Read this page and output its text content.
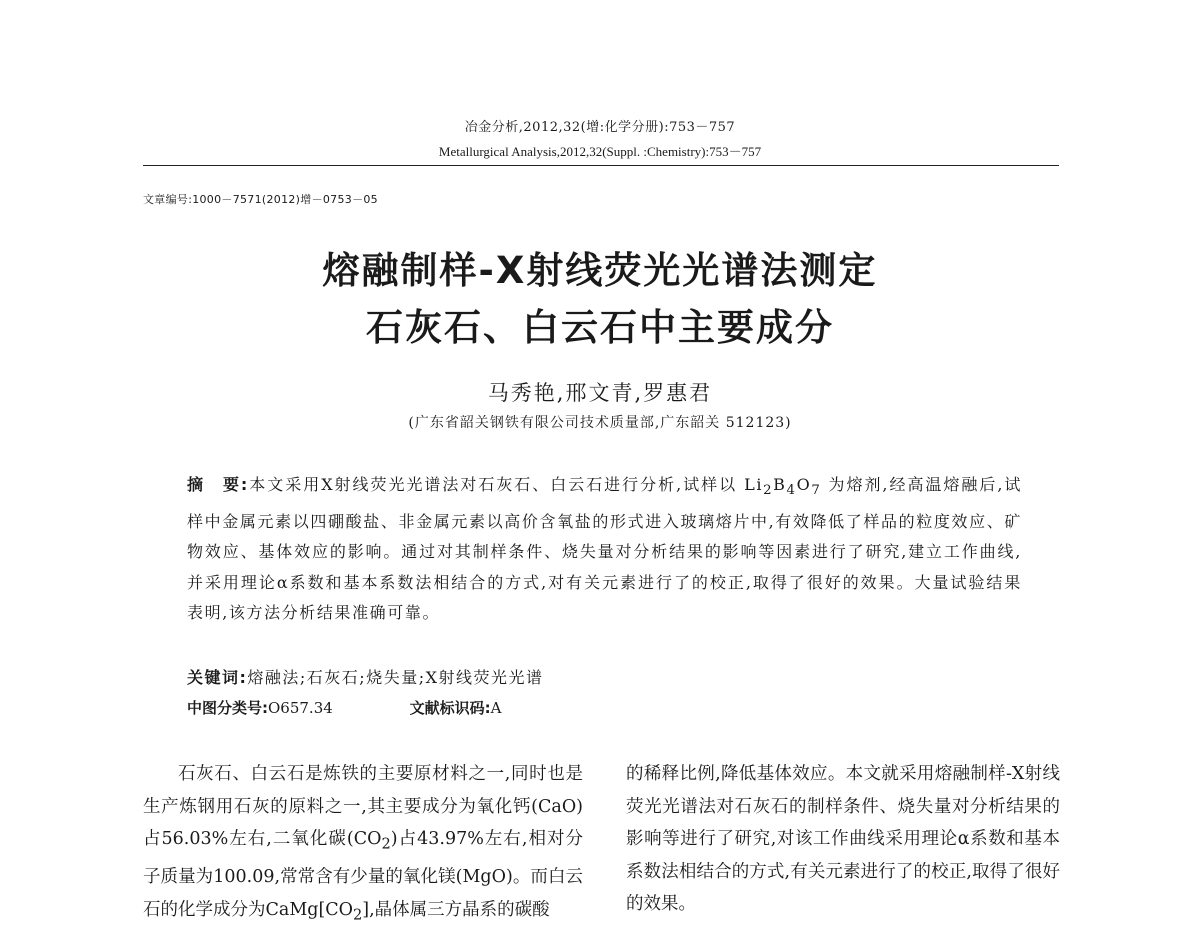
冶金分析,2012,32(增:化学分册):753－757
Metallurgical Analysis,2012,32(Suppl. :Chemistry):753－757
文章编号:1000－7571(2012)增－0753－05
熔融制样-X射线荧光光谱法测定
石灰石、白云石中主要成分
马秀艳,邢文青,罗惠君
(广东省韶关钢铁有限公司技术质量部,广东韶关 512123)
摘　要:本文采用X射线荧光光谱法对石灰石、白云石进行分析,试样以 $Li_2B_4O_7$ 为熔剂,经高温熔融后,试样中金属元素以四硼酸盐、非金属元素以高价含氧盐的形式进入玻璃熔片中,有效降低了样品的粒度效应、矿物效应、基体效应的影响。通过对其制样条件、烧失量对分析结果的影响等因素进行了研究,建立工作曲线,并采用理论α系数和基本系数法相结合的方式,对有关元素进行了的校正,取得了很好的效果。大量试验结果表明,该方法分析结果准确可靠。
关键词:熔融法;石灰石;烧失量;X射线荧光光谱
中图分类号:O657.34	文献标识码:A
石灰石、白云石是炼铁的主要原材料之一,同时也是生产炼钢用石灰的原料之一,其主要成分为氧化钙(CaO)占56.03%左右,二氧化碳$(CO_2)$占43.97%左右,相对分子质量为100.09,常常含有少量的氧化镁(MgO)。而白云石的化学成分为$CaMg[CO_2]$,晶体属三方晶系的碳酸
的稀释比例,降低基体效应。本文就采用熔融制样-X射线荧光光谱法对石灰石的制样条件、烧失量对分析结果的影响等进行了研究,对该工作曲线采用理论α系数和基本系数法相结合的方式,有关元素进行了的校正,取得了很好的效果。
